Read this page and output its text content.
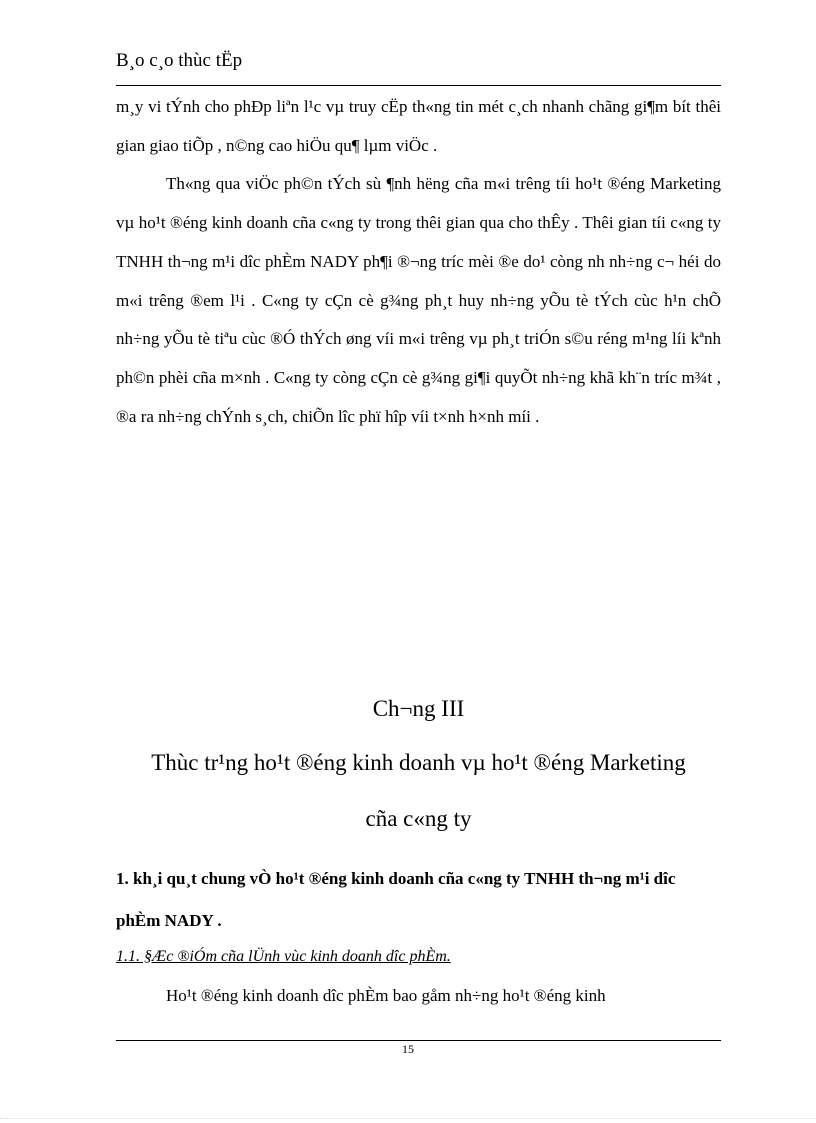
B¸o c¸o thùc tËp

m¸y vi tÝnh cho phÐp liªn l¹c vµ truy cËp th«ng tin mét c¸ch nhanh chãng gi¶m bít thêi gian giao tiÕp , n©ng cao hiÖu qu¶ lµm viÖc .

Th«ng qua viÖc ph©n tÝch sù ¶nh hëng cña m«i trêng tíi ho¹t ®éng Marketing vµ ho¹t ®éng kinh doanh cña c«ng ty trong thêi gian qua cho thÊy . Thêi gian tíi c«ng ty TNHH th¬ng m¹i dîc phÈm NADY ph¶i ®¬ng tríc mèi ®e do¹ còng nh nh÷ng c¬ héi do m«i trêng ®em l¹i . C«ng ty cÇn cè g¾ng ph¸t huy nh÷ng yÕu tè tÝch cùc h¹n chÕ nh÷ng yÕu tè tiªu cùc ®Ó thÝch øng víi m«i trêng vµ ph¸t triÓn s©u réng m¹ng líi kªnh ph©n phèi cña m×nh . C«ng ty còng cÇn cè g¾ng gi¶i quyÕt nh÷ng khã kh¨n tríc m¾t , ®a ra nh÷ng chÝnh s¸ch, chiÕn lîc phï hîp víi t×nh h×nh míi .

Ch¬ng III
Thùc tr¹ng ho¹t ®éng kinh doanh vµ ho¹t ®éng Marketing
cña c«ng ty
1. kh¸i qu¸t chung vÒ ho¹t ®éng kinh doanh cña c«ng ty TNHH th¬ng m¹i dîc phÈm NADY .
1.1. §Æc ®iÓm cña lÜnh vùc kinh doanh dîc phÈm.
Ho¹t ®éng kinh doanh dîc phÈm bao gåm nh÷ng ho¹t ®éng kinh
15
